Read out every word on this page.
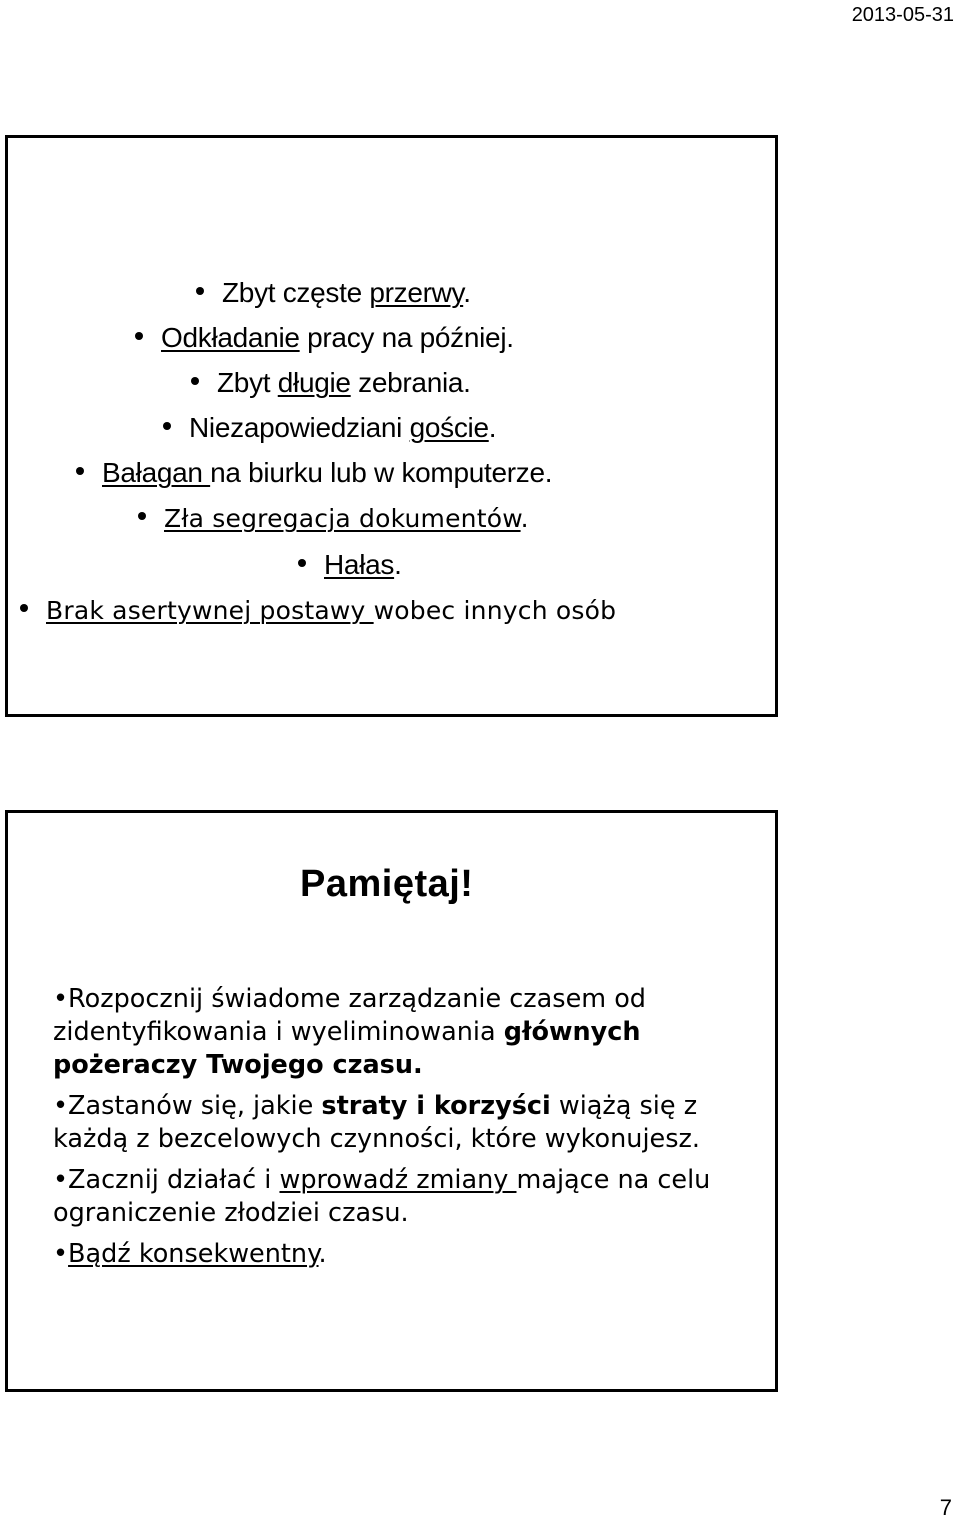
2013-05-31
Zbyt częste przerwy.
Odkładanie pracy na później.
Zbyt długie zebrania.
Niezapowiedziani goście.
Bałagan na biurku lub w komputerze.
Zła segregacja dokumentów.
Hałas.
Brak asertywnej postawy wobec innych osób
Pamiętaj!

•Rozpocznij świadome zarządzanie czasem od zidentyfikowania i wyeliminowania głównych pożeraczy Twojego czasu.

•Zastanów się, jakie straty i korzyści wiążą się z każdą z bezcelowych czynności, które wykonujesz.

•Zacznij działać i wprowadź zmiany mające na celu ograniczenie złodziei czasu.

•Bądź konsekwentny.

7
